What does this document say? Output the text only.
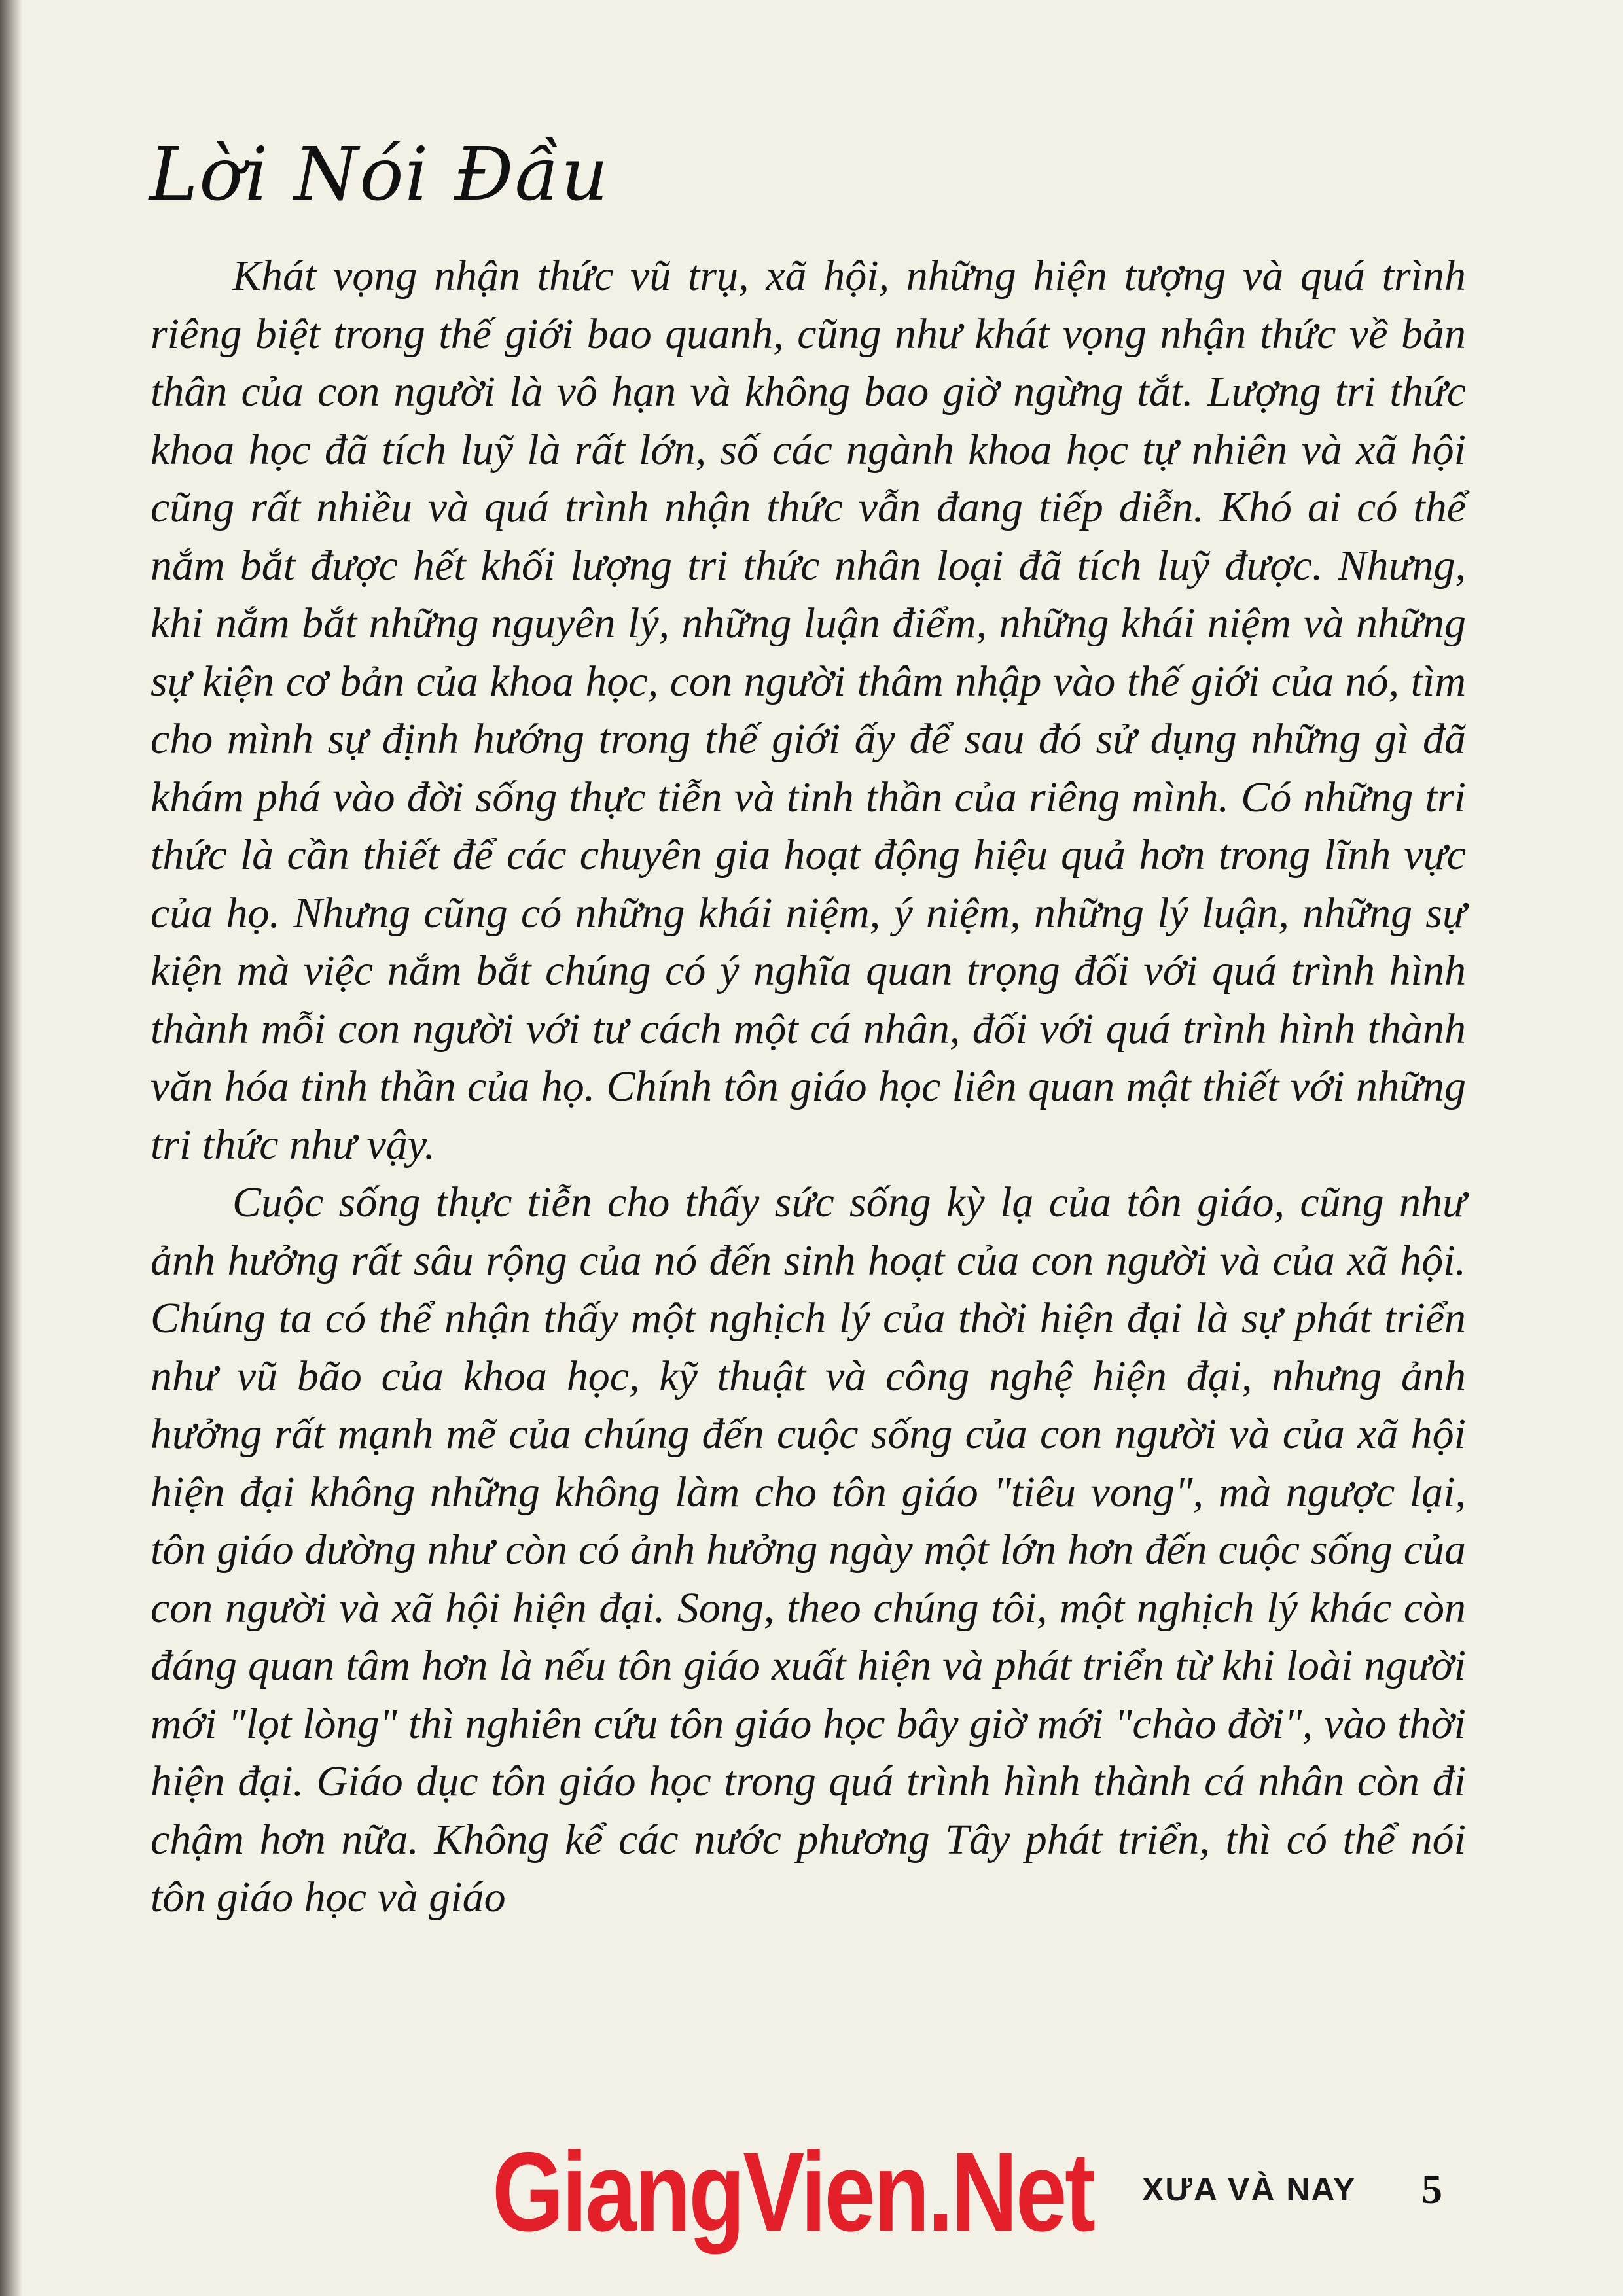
Lời Nói Đầu

Khát vọng nhận thức vũ trụ, xã hội, những hiện tượng và quá trình riêng biệt trong thế giới bao quanh, cũng như khát vọng nhận thức về bản thân của con người là vô hạn và không bao giờ ngừng tắt. Lượng tri thức khoa học đã tích luỹ là rất lớn, số các ngành khoa học tự nhiên và xã hội cũng rất nhiều và quá trình nhận thức vẫn đang tiếp diễn. Khó ai có thể nắm bắt được hết khối lượng tri thức nhân loại đã tích luỹ được. Nhưng, khi nắm bắt những nguyên lý, những luận điểm, những khái niệm và những sự kiện cơ bản của khoa học, con người thâm nhập vào thế giới của nó, tìm cho mình sự định hướng trong thế giới ấy để sau đó sử dụng những gì đã khám phá vào đời sống thực tiễn và tinh thần của riêng mình. Có những tri thức là cần thiết để các chuyên gia hoạt động hiệu quả hơn trong lĩnh vực của họ. Nhưng cũng có những khái niệm, ý niệm, những lý luận, những sự kiện mà việc nắm bắt chúng có ý nghĩa quan trọng đối với quá trình hình thành mỗi con người với tư cách một cá nhân, đối với quá trình hình thành văn hóa tinh thần của họ. Chính tôn giáo học liên quan mật thiết với những tri thức như vậy.

Cuộc sống thực tiễn cho thấy sức sống kỳ lạ của tôn giáo, cũng như ảnh hưởng rất sâu rộng của nó đến sinh hoạt của con người và của xã hội. Chúng ta có thể nhận thấy một nghịch lý của thời hiện đại là sự phát triển như vũ bão của khoa học, kỹ thuật và công nghệ hiện đại, nhưng ảnh hưởng rất mạnh mẽ của chúng đến cuộc sống của con người và của xã hội hiện đại không những không làm cho tôn giáo "tiêu vong", mà ngược lại, tôn giáo dường như còn có ảnh hưởng ngày một lớn hơn đến cuộc sống của con người và xã hội hiện đại. Song, theo chúng tôi, một nghịch lý khác còn đáng quan tâm hơn là nếu tôn giáo xuất hiện và phát triển từ khi loài người mới "lọt lòng" thì nghiên cứu tôn giáo học bây giờ mới "chào đời", vào thời hiện đại. Giáo dục tôn giáo học trong quá trình hình thành cá nhân còn đi chậm hơn nữa. Không kể các nước phương Tây phát triển, thì có thể nói tôn giáo học và giáo

XƯA VÀ NAY 5
GiangVien.Net
